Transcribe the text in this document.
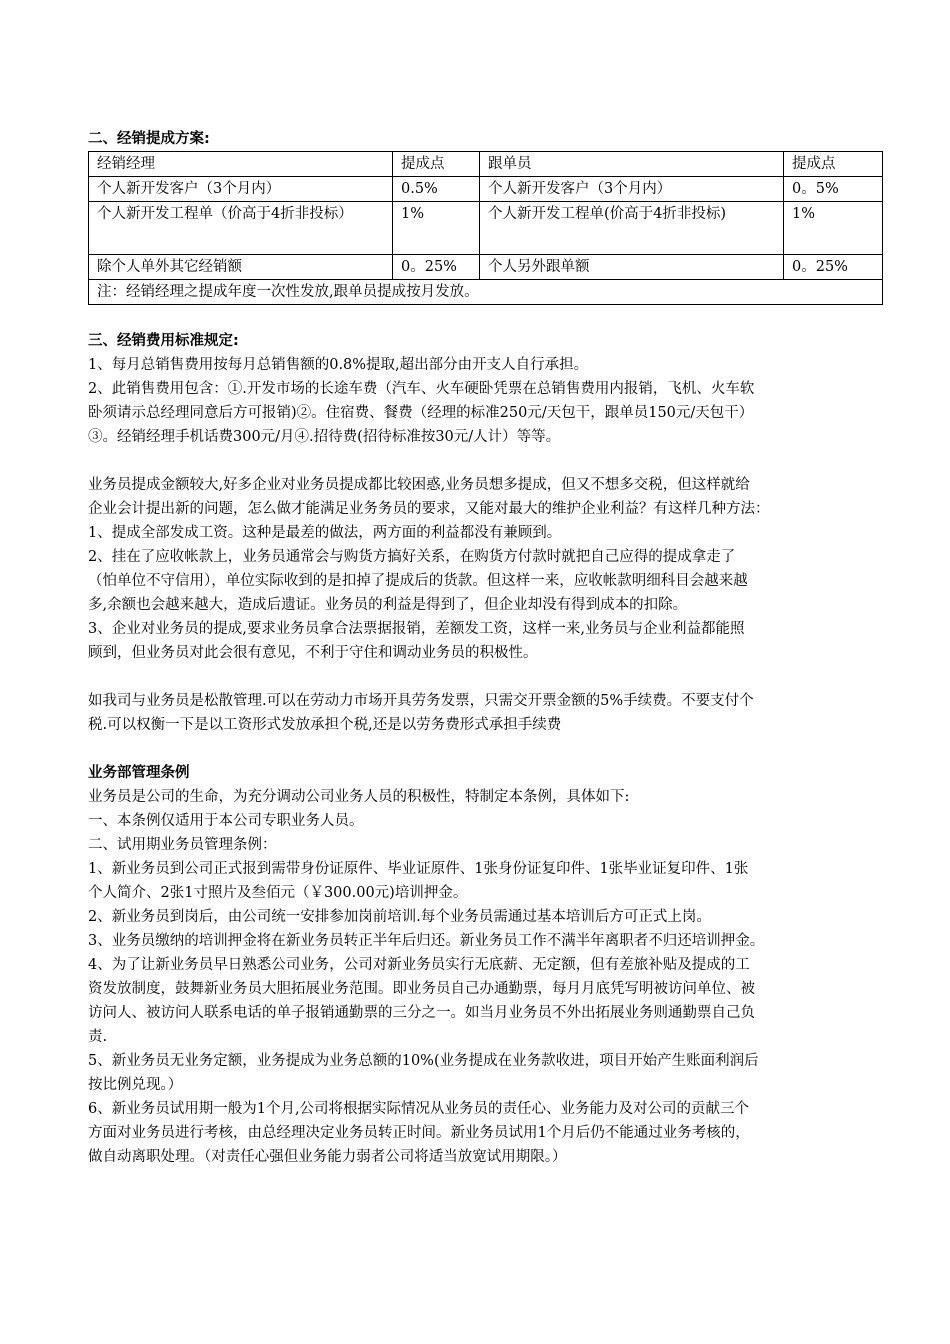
二、经销提成方案:
经销经理	提成点	跟单员	提成点
个人新开发客户（3个月内）	0.5%	个人新开发客户（3个月内）	0。5%
个人新开发工程单（价高于4折非投标）	1%	个人新开发工程单(价高于4折非投标)	1%
除个人单外其它经销额	0。25%	个人另外跟单额	0。25%
注：经销经理之提成年度一次性发放,跟单员提成按月发放。			
三、经销费用标准规定:
1、每月总销售费用按每月总销售额的0.8%提取,超出部分由开支人自行承担。
2、此销售费用包含：①.开发市场的长途车费（汽车、火车硬卧凭票在总销售费用内报销，飞机、火车软
卧须请示总经理同意后方可报销)②。住宿费、餐费（经理的标准250元/天包干，跟单员150元/天包干）
③。经销经理手机话费300元/月④.招待费(招待标准按30元/人计）等等。
业务员提成金额较大,好多企业对业务员提成都比较困惑,业务员想多提成，但又不想多交税，但这样就给
企业会计提出新的问题，怎么做才能满足业务务员的要求，又能对最大的维护企业利益？有这样几种方法：
1、提成全部发成工资。这种是最差的做法，两方面的利益都没有兼顾到。
2、挂在了应收帐款上，业务员通常会与购货方搞好关系，在购货方付款时就把自己应得的提成拿走了
（怕单位不守信用），单位实际收到的是扣掉了提成后的货款。但这样一来，应收帐款明细科目会越来越
多,余额也会越来越大，造成后遗证。业务员的利益是得到了，但企业却没有得到成本的扣除。
3、企业对业务员的提成,要求业务员拿合法票据报销，差额发工资，这样一来,业务员与企业利益都能照
顾到，但业务员对此会很有意见，不利于守住和调动业务员的积极性。
如我司与业务员是松散管理.可以在劳动力市场开具劳务发票，只需交开票金额的5%手续费。不要支付个
税.可以权衡一下是以工资形式发放承担个税,还是以劳务费形式承担手续费
业务部管理条例
业务员是公司的生命，为充分调动公司业务人员的积极性，特制定本条例，具体如下:
一、本条例仅适用于本公司专职业务人员。
二、试用期业务员管理条例：
1、新业务员到公司正式报到需带身份证原件、毕业证原件、1张身份证复印件、1张毕业证复印件、1张
个人简介、2张1寸照片及叁佰元（￥300.00元)培训押金。
2、新业务员到岗后，由公司统一安排参加岗前培训.每个业务员需通过基本培训后方可正式上岗。
3、业务员缴纳的培训押金将在新业务员转正半年后归还。新业务员工作不满半年离职者不归还培训押金。
4、为了让新业务员早日熟悉公司业务，公司对新业务员实行无底薪、无定额，但有差旅补贴及提成的工
资发放制度，鼓舞新业务员大胆拓展业务范围。即业务员自己办通勤票，每月月底凭写明被访问单位、被
访问人、被访问人联系电话的单子报销通勤票的三分之一。如当月业务员不外出拓展业务则通勤票自己负
责.
5、新业务员无业务定额，业务提成为业务总额的10%(业务提成在业务款收进，项目开始产生账面利润后
按比例兑现。）
6、新业务员试用期一般为1个月,公司将根据实际情况从业务员的责任心、业务能力及对公司的贡献三个
方面对业务员进行考核，由总经理决定业务员转正时间。新业务员试用1个月后仍不能通过业务考核的，
做自动离职处理。（对责任心强但业务能力弱者公司将适当放宽试用期限。）
